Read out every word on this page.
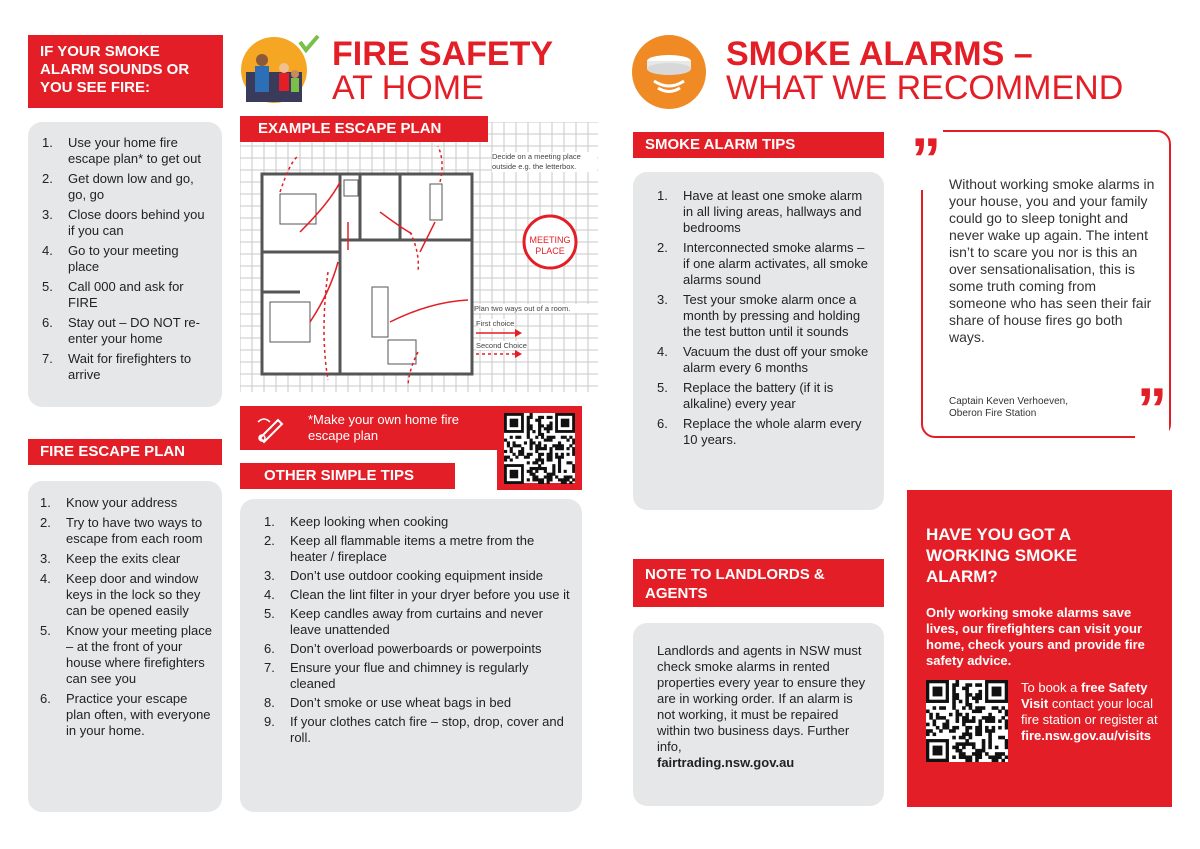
IF YOUR SMOKE
ALARM SOUNDS OR
YOU SEE FIRE:
1.	Use your home fire escape plan* to get out
2.	Get down low and go, go, go
3.	Close doors behind you if you can
4.	Go to your meeting place
5.	Call 000 and ask for FIRE
6.	Stay out – DO NOT re-enter your home
7.	Wait for firefighters to arrive
FIRE ESCAPE PLAN
1.	Know your address
2.	Try to have two ways to escape from each room
3.	Keep the exits clear
4.	Keep door and window keys in the lock so they can be opened easily
5.	Know your meeting place – at the front of your house where firefighters can see you
6.	Practice your escape plan often, with everyone in your home.
FIRE SAFETY
AT HOME
MEETING
PLACE
Decide on a meeting place outside e.g. the letterbox.
Plan two ways out of a room.
First choice
Second Choice
EXAMPLE ESCAPE PLAN
*Make your own home fire escape plan
OTHER SIMPLE TIPS
1.	Keep looking when cooking
2.	Keep all flammable items a metre from the heater / fireplace
3.	Don’t use outdoor cooking equipment inside
4.	Clean the lint filter in your dryer before you use it
5.	Keep candles away from curtains and never leave unattended
6.	Don’t overload powerboards or powerpoints
7.	Ensure your flue and chimney is regularly cleaned
8.	Don’t smoke or use wheat bags in bed
9.	If your clothes catch fire – stop, drop, cover and roll.
SMOKE ALARMS –
WHAT WE RECOMMEND
SMOKE ALARM TIPS
1.	Have at least one smoke alarm in all living areas, hallways and bedrooms
2.	Interconnected smoke alarms – if one alarm activates, all smoke alarms sound
3.	Test your smoke alarm once a month by pressing and holding the test button until it sounds
4.	Vacuum the dust off your smoke alarm every 6 months
5.	Replace the battery (if it is alkaline) every year
6.	Replace the whole alarm every 10 years.
” Without working smoke alarms in your house, you and your family could go to sleep tonight and never wake up again. The intent isn’t to scare you nor is this an over sensationalisation, this is some truth coming from someone who has seen their fair share of house fires go both ways.
Captain Keven Verhoeven,
Oberon Fire Station ”
NOTE TO LANDLORDS & AGENTS
Landlords and agents in NSW must check smoke alarms in rented properties every year to ensure they are in working order. If an alarm is not working, it must be repaired within two business days. Further info,
fairtrading.nsw.gov.au
HAVE YOU GOT A WORKING SMOKE ALARM?
Only working smoke alarms save lives, our firefighters can visit your home, check yours and provide fire safety advice.
To book a free Safety Visit contact your local fire station or register at
fire.nsw.gov.au/visits
